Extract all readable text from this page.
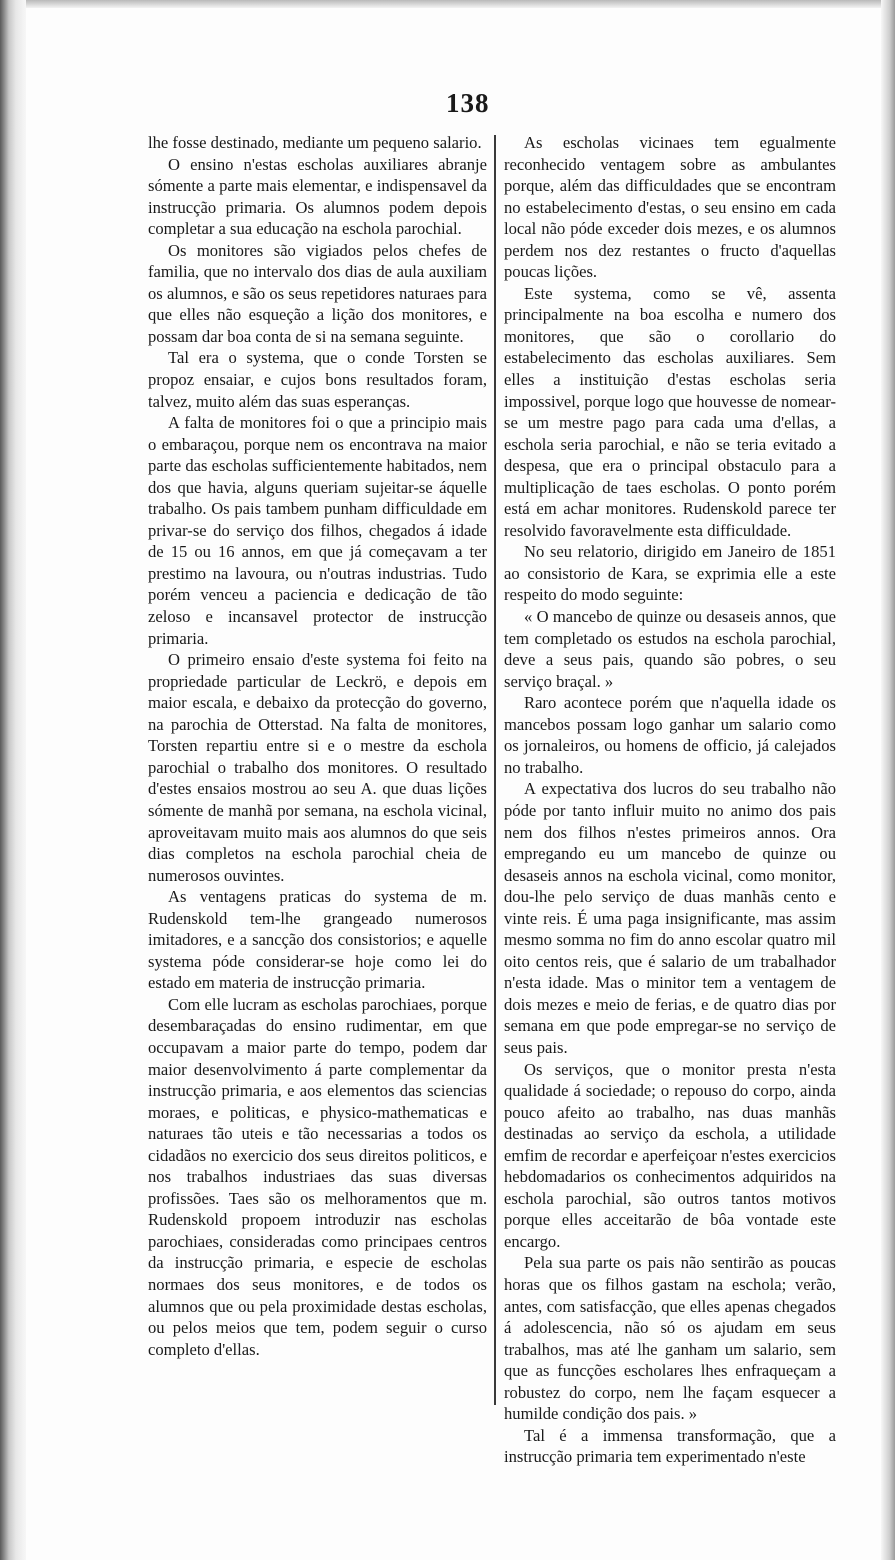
138

lhe fosse destinado, mediante um pequeno salario.

O ensino n'estas escholas auxiliares abranje sómente a parte mais elementar, e indispensavel da instrucção primaria. Os alumnos podem depois completar a sua educação na eschola parochial.

Os monitores são vigiados pelos chefes de familia, que no intervalo dos dias de aula auxiliam os alumnos, e são os seus repetidores naturaes para que elles não esqueção a lição dos monitores, e possam dar boa conta de si na semana seguinte.

Tal era o systema, que o conde Torsten se propoz ensaiar, e cujos bons resultados foram, talvez, muito além das suas esperanças.

A falta de monitores foi o que a principio mais o embaraçou, porque nem os encontrava na maior parte das escholas sufficientemente habitados, nem dos que havia, alguns queriam sujeitar-se áquelle trabalho. Os pais tambem punham difficuldade em privar-se do serviço dos filhos, chegados á idade de 15 ou 16 annos, em que já começavam a ter prestimo na lavoura, ou n'outras industrias. Tudo porém venceu a paciencia e dedicação de tão zeloso e incansavel protector de instrucção primaria.

O primeiro ensaio d'este systema foi feito na propriedade particular de Leckrö, e depois em maior escala, e debaixo da protecção do governo, na parochia de Otterstad. Na falta de monitores, Torsten repartiu entre si e o mestre da eschola parochial o trabalho dos monitores. O resultado d'estes ensaios mostrou ao seu A. que duas lições sómente de manhã por semana, na eschola vicinal, aproveitavam muito mais aos alumnos do que seis dias completos na eschola parochial cheia de numerosos ouvintes.

As ventagens praticas do systema de m. Rudenskold tem-lhe grangeado numerosos imitadores, e a sancção dos consistorios; e aquelle systema póde considerar-se hoje como lei do estado em materia de instrucção primaria.

Com elle lucram as escholas parochiaes, porque desembaraçadas do ensino rudimentar, em que occupavam a maior parte do tempo, podem dar maior desenvolvimento á parte complementar da instrucção primaria, e aos elementos das sciencias moraes, e politicas, e physico-mathematicas e naturaes tão uteis e tão necessarias a todos os cidadãos no exercicio dos seus direitos politicos, e nos trabalhos industriaes das suas diversas profissões. Taes são os melhoramentos que m. Rudenskold propoem introduzir nas escholas parochiaes, consideradas como principaes centros da instrucção primaria, e especie de escholas normaes dos seus monitores, e de todos os alumnos que ou pela proximidade destas escholas, ou pelos meios que tem, podem seguir o curso completo d'ellas.

As escholas vicinaes tem egualmente reconhecido ventagem sobre as ambulantes porque, além das difficuldades que se encontram no estabelecimento d'estas, o seu ensino em cada local não póde exceder dois mezes, e os alumnos perdem nos dez restantes o fructo d'aquellas poucas lições.

Este systema, como se vê, assenta principalmente na boa escolha e numero dos monitores, que são o corollario do estabelecimento das escholas auxiliares. Sem elles a instituição d'estas escholas seria impossivel, porque logo que houvesse de nomear-se um mestre pago para cada uma d'ellas, a eschola seria parochial, e não se teria evitado a despesa, que era o principal obstaculo para a multiplicação de taes escholas. O ponto porém está em achar monitores. Rudenskold parece ter resolvido favoravelmente esta difficuldade.

No seu relatorio, dirigido em Janeiro de 1851 ao consistorio de Kara, se exprimia elle a este respeito do modo seguinte:

« O mancebo de quinze ou desaseis annos, que tem completado os estudos na eschola parochial, deve a seus pais, quando são pobres, o seu serviço braçal. »

Raro acontece porém que n'aquella idade os mancebos possam logo ganhar um salario como os jornaleiros, ou homens de officio, já calejados no trabalho.

A expectativa dos lucros do seu trabalho não póde por tanto influir muito no animo dos pais nem dos filhos n'estes primeiros annos. Ora empregando eu um mancebo de quinze ou desaseis annos na eschola vicinal, como monitor, dou-lhe pelo serviço de duas manhãs cento e vinte reis. É uma paga insignificante, mas assim mesmo somma no fim do anno escolar quatro mil oito centos reis, que é salario de um trabalhador n'esta idade. Mas o minitor tem a ventagem de dois mezes e meio de ferias, e de quatro dias por semana em que pode empregar-se no serviço de seus pais.

Os serviços, que o monitor presta n'esta qualidade á sociedade; o repouso do corpo, ainda pouco afeito ao trabalho, nas duas manhãs destinadas ao serviço da eschola, a utilidade emfim de recordar e aperfeiçoar n'estes exercicios hebdomadarios os conhecimentos adquiridos na eschola parochial, são outros tantos motivos porque elles acceitarão de bôa vontade este encargo.

Pela sua parte os pais não sentirão as poucas horas que os filhos gastam na eschola; verão, antes, com satisfacção, que elles apenas chegados á adolescencia, não só os ajudam em seus trabalhos, mas até lhe ganham um salario, sem que as funcções escholares lhes enfraqueçam a robustez do corpo, nem lhe façam esquecer a humilde condição dos pais. »

Tal é a immensa transformação, que a instrucção primaria tem experimentado n'este
